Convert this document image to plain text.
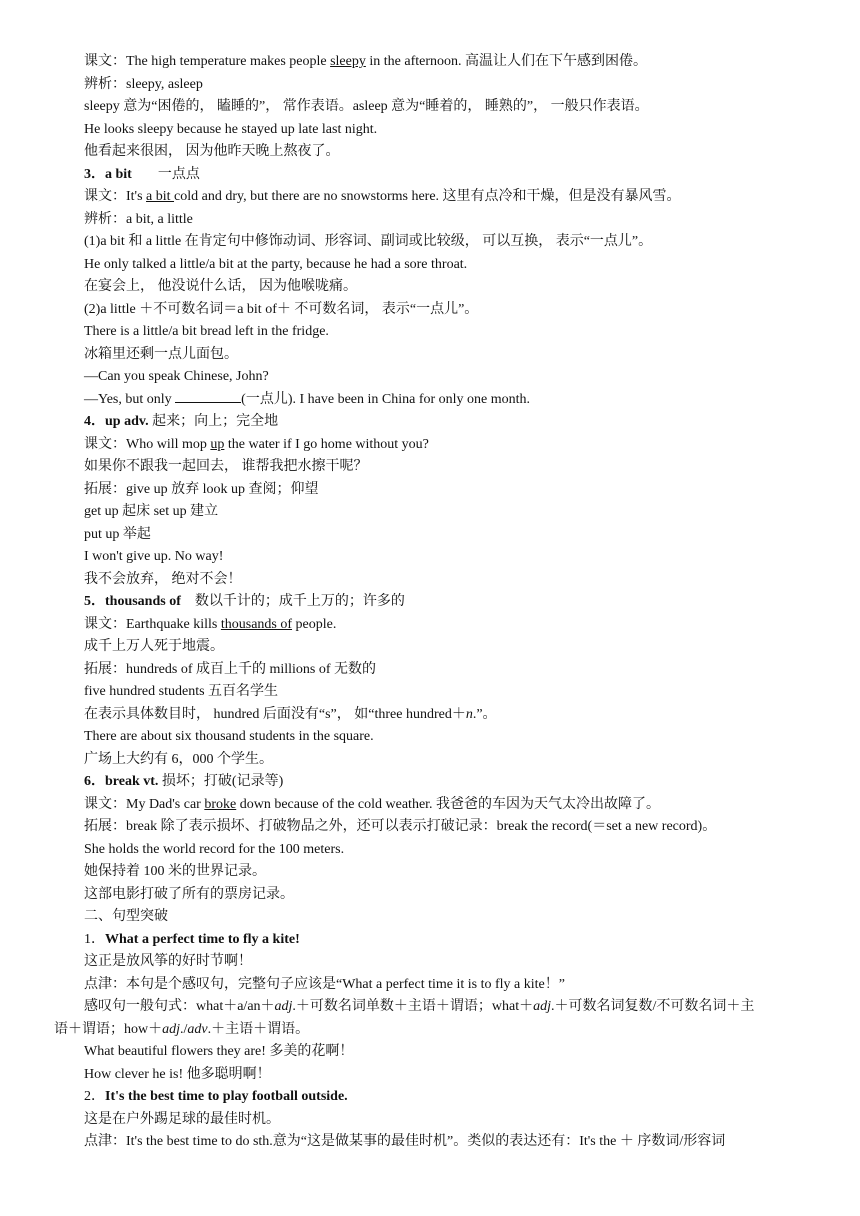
课文：The high temperature makes people sleepy in the afternoon. 高温让人们在下午感到困倦。
辨析：sleepy, asleep
sleepy 意为“困倦的， 瞌睡的”， 常作表语。asleep 意为“睡着的， 睡熟的”， 一般只作表语。
He looks sleepy because he stayed up late last night.
他看起来很困， 因为他昨天晚上熬夜了。
3．a bit 一点点
课文：It's a bit cold and dry, but there are no snowstorms here. 这里有点冷和干燥，但是没有暴风雪。
辨析：a bit, a little
(1)a bit 和 a little 在肯定句中修饰动词、形容词、副词或比较级， 可以互换， 表示“一点儿”。
He only talked a little/a bit at the party, because he had a sore throat.
在宴会上， 他没说什么话， 因为他喉咙痛。
(2)a little ＋不可数名词＝a bit of＋ 不可数名词， 表示“一点儿”。
There is a little/a bit bread left in the fridge.
冰箱里还剩一点儿面包。
—Can you speak Chinese, John?
—Yes, but only	(一点儿). I have been in China for only one month.
4．up adv. 起来；向上；完全地
课文：Who will mop up the water if I go home without you?
如果你不跟我一起回去， 谁帮我把水擦干呢？
拓展：give up 放弃 look up 查阅；仰望
get up 起床 set up 建立
put up 举起
I won't give up. No way!
我不会放弃， 绝对不会！
5．thousands of 数以千计的；成千上万的；许多的
课文：Earthquake kills thousands of people.
成千上万人死于地震。
拓展：hundreds of 成百上千的 millions of 无数的
five hundred students 五百名学生
在表示具体数目时， hundred 后面没有“s”， 如“three hundred＋n.”。
There are about six thousand students in the square.
广场上大约有 6，000 个学生。
6．break vt. 损坏；打破(记录等)
课文：My Dad's car broke down because of the cold weather. 我爸爸的车因为天气太冷出故障了。
拓展：break 除了表示损坏、打破物品之外，还可以表示打破记录：break the record(＝set a new record)。
She holds the world record for the 100 meters.
她保持着 100 米的世界记录。
这部电影打破了所有的票房记录。
二、句型突破
1．What a perfect time to fly a kite!
这正是放风筝的好时节啊！
点津：本句是个感叹句，完整句子应该是“What a perfect time it is to fly a kite！”
感叹句一般句式：what＋a/an＋adj.＋可数名词单数＋主语＋谓语；what＋adj.＋可数名词复数/不可数名词＋主
语＋谓语；how＋adj./adv.＋主语＋谓语。
What beautiful flowers they are! 多美的花啊！
How clever he is! 他多聪明啊！
2．It's the best time to play football outside.
这是在户外踢足球的最佳时机。
点津：It's the best time to do sth.意为“这是做某事的最佳时机”。类似的表达还有：It's the ＋ 序数词/形容词
